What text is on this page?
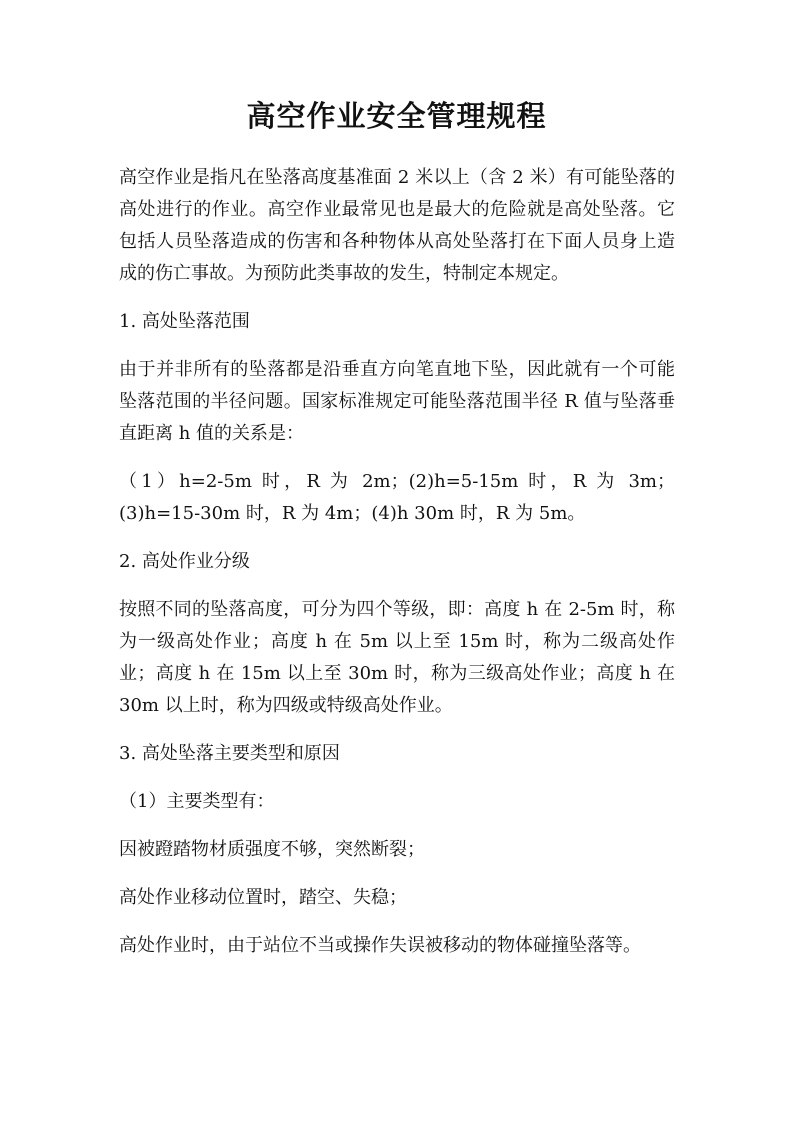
高空作业安全管理规程

高空作业是指凡在坠落高度基准面 2 米以上（含 2 米）有可能坠落的高处进行的作业。高空作业最常见也是最大的危险就是高处坠落。它包括人员坠落造成的伤害和各种物体从高处坠落打在下面人员身上造成的伤亡事故。为预防此类事故的发生，特制定本规定。

1. 高处坠落范围

由于并非所有的坠落都是沿垂直方向笔直地下坠，因此就有一个可能坠落范围的半径问题。国家标准规定可能坠落范围半径 R 值与坠落垂直距离 h 值的关系是：

（1）h=2-5m 时，R 为 2m；(2)h=5-15m 时，R 为 3m；(3)h=15-30m 时，R 为 4m；(4)h 30m 时，R 为 5m。

2. 高处作业分级

按照不同的坠落高度，可分为四个等级，即：高度 h 在 2-5m 时，称为一级高处作业；高度 h 在 5m 以上至 15m 时，称为二级高处作业；高度 h 在 15m 以上至 30m 时，称为三级高处作业；高度 h 在 30m 以上时，称为四级或特级高处作业。

3. 高处坠落主要类型和原因

（1）主要类型有：

因被蹬踏物材质强度不够，突然断裂；

高处作业移动位置时，踏空、失稳；

高处作业时，由于站位不当或操作失误被移动的物体碰撞坠落等。
